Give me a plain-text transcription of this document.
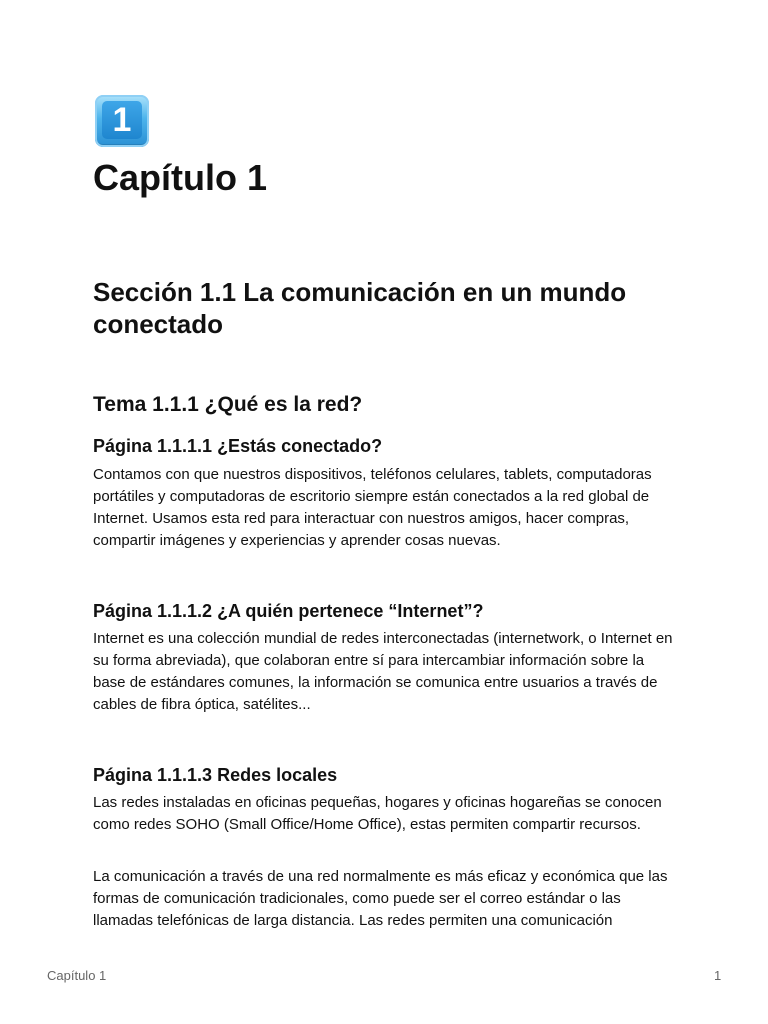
1
Capítulo 1
Sección 1.1 La comunicación en un mundo conectado
Tema 1.1.1 ¿Qué es la red?
Página 1.1.1.1 ¿Estás conectado?

Contamos con que nuestros dispositivos, teléfonos celulares, tablets, computadoras portátiles y computadoras de escritorio siempre están conectados a la red global de Internet. Usamos esta red para interactuar con nuestros amigos, hacer compras, compartir imágenes y experiencias y aprender cosas nuevas.

Página 1.1.1.2 ¿A quién pertenece “Internet”?

Internet es una colección mundial de redes interconectadas (internetwork, o Internet en su forma abreviada), que colaboran entre sí para intercambiar información sobre la base de estándares comunes, la información se comunica entre usuarios a través de cables de fibra óptica, satélites...

Página 1.1.1.3 Redes locales

Las redes instaladas en oficinas pequeñas, hogares y oficinas hogareñas se conocen como redes SOHO (Small Office/Home Office), estas permiten compartir recursos.

La comunicación a través de una red normalmente es más eficaz y económica que las formas de comunicación tradicionales, como puede ser el correo estándar o las llamadas telefónicas de larga distancia. Las redes permiten una comunicación

Capítulo 1	1
